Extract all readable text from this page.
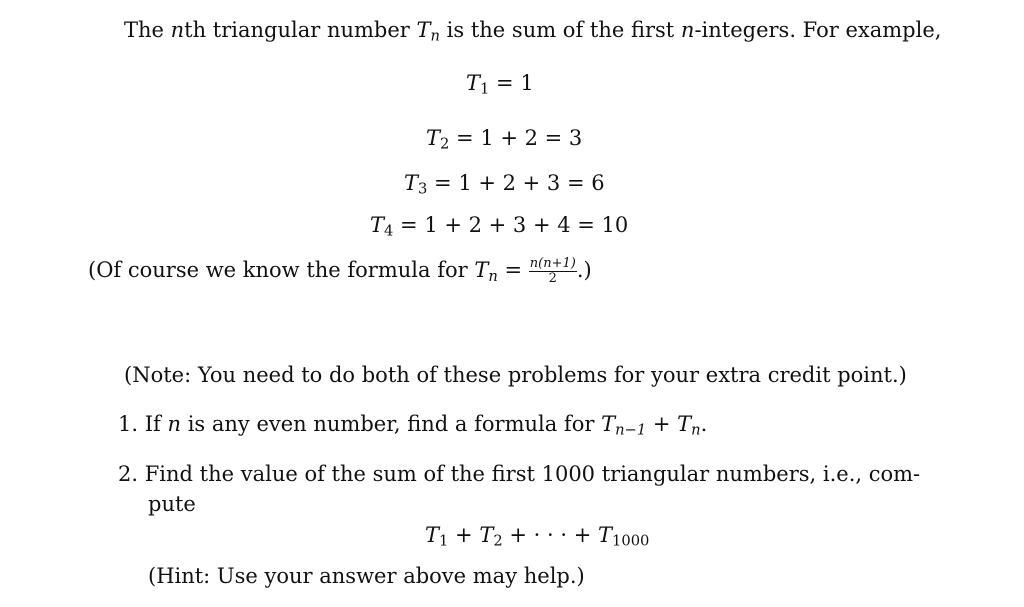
The nth triangular number $T_n$ is the sum of the first n-integers. For example,
$T_1 = 1$
$T_2 = 1 + 2 = 3$
$T_3 = 1 + 2 + 3 = 6$
$T_4 = 1 + 2 + 3 + 4 = 10$
(Of course we know the formula for $T_n = \frac{n(n+1)}{2}$ .)
(Note: You need to do both of these problems for your extra credit point.)
1. If n is any even number, find a formula for $T_{n-1} + T_n$.
2. Find the value of the sum of the first 1000 triangular numbers, i.e., com-
pute
$T_1 + T_2$ + · · · + $T_{1000}$
(Hint: Use your answer above may help.)
